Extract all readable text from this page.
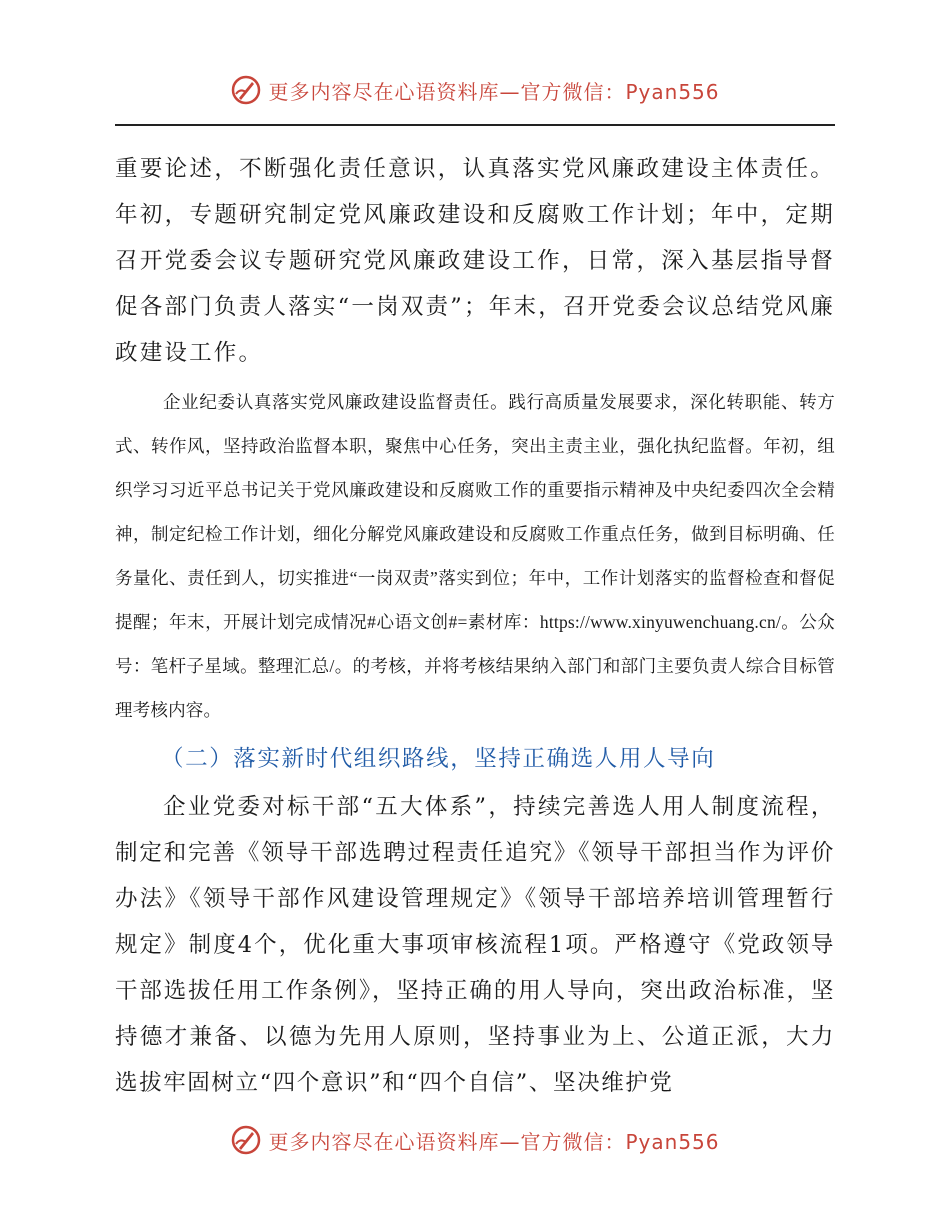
更多内容尽在心语资料库—官方微信：Pyan556

重要论述，不断强化责任意识，认真落实党风廉政建设主体责任。年初，专题研究制定党风廉政建设和反腐败工作计划；年中，定期召开党委会议专题研究党风廉政建设工作，日常，深入基层指导督促各部门负责人落实“一岗双责”；年末，召开党委会议总结党风廉政建设工作。

企业纪委认真落实党风廉政建设监督责任。践行高质量发展要求，深化转职能、转方式、转作风，坚持政治监督本职，聚焦中心任务，突出主责主业，强化执纪监督。年初，组织学习习近平总书记关于党风廉政建设和反腐败工作的重要指示精神及中央纪委四次全会精神，制定纪检工作计划，细化分解党风廉政建设和反腐败工作重点任务，做到目标明确、任务量化、责任到人，切实推进“一岗双责”落实到位；年中，工作计划落实的监督检查和督促提醒；年末，开展计划完成情况#心语文创#=素材库：https://www.xinyuwenchuang.cn/。公众号：笔杆子星域。整理汇总/。的考核，并将考核结果纳入部门和部门主要负责人综合目标管理考核内容。

（二）落实新时代组织路线，坚持正确选人用人导向

企业党委对标干部“五大体系”，持续完善选人用人制度流程，制定和完善《领导干部选聘过程责任追究》《领导干部担当作为评价办法》《领导干部作风建设管理规定》《领导干部培养培训管理暂行规定》制度4个，优化重大事项审核流程1项。严格遵守《党政领导干部选拔任用工作条例》，坚持正确的用人导向，突出政治标准，坚持德才兼备、以德为先用人原则，坚持事业为上、公道正派，大力选拔牢固树立“四个意识”和“四个自信”、坚决维护党

更多内容尽在心语资料库—官方微信：Pyan556
